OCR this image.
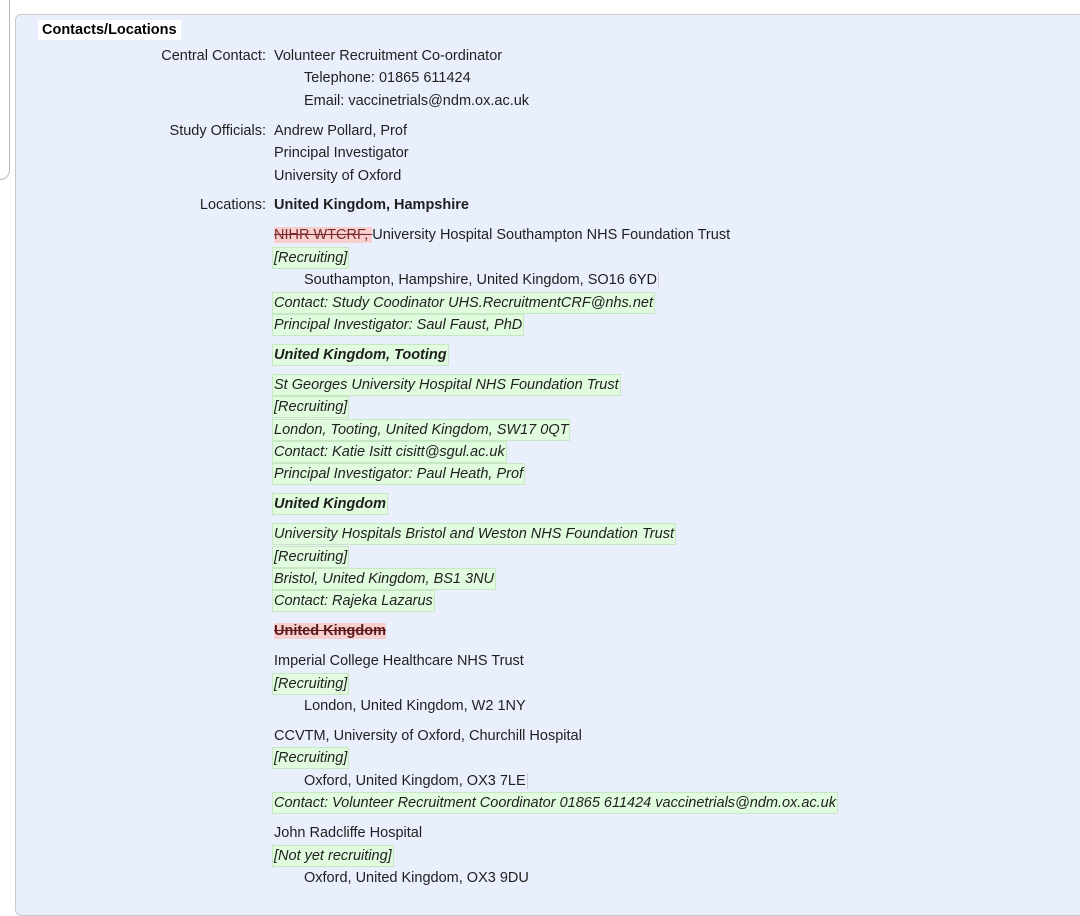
Contacts/Locations
Central Contact: Volunteer Recruitment Co-ordinator
Telephone: 01865 611424
Email: vaccinetrials@ndm.ox.ac.uk
Study Officials: Andrew Pollard, Prof
Principal Investigator
University of Oxford
Locations: United Kingdom, Hampshire
NIHR WTCRF, University Hospital Southampton NHS Foundation Trust
[Recruiting]
Southampton, Hampshire, United Kingdom, SO16 6YD
Contact: Study Coodinator UHS.RecruitmentCRF@nhs.net
Principal Investigator: Saul Faust, PhD
United Kingdom, Tooting
St Georges University Hospital NHS Foundation Trust
[Recruiting]
London, Tooting, United Kingdom, SW17 0QT
Contact: Katie Isitt cisitt@sgul.ac.uk
Principal Investigator: Paul Heath, Prof
United Kingdom
University Hospitals Bristol and Weston NHS Foundation Trust
[Recruiting]
Bristol, United Kingdom, BS1 3NU
Contact: Rajeka Lazarus
United Kingdom
Imperial College Healthcare NHS Trust
[Recruiting]
London, United Kingdom, W2 1NY
CCVTM, University of Oxford, Churchill Hospital
[Recruiting]
Oxford, United Kingdom, OX3 7LE
Contact: Volunteer Recruitment Coordinator 01865 611424 vaccinetrials@ndm.ox.ac.uk
John Radcliffe Hospital
[Not yet recruiting]
Oxford, United Kingdom, OX3 9DU
